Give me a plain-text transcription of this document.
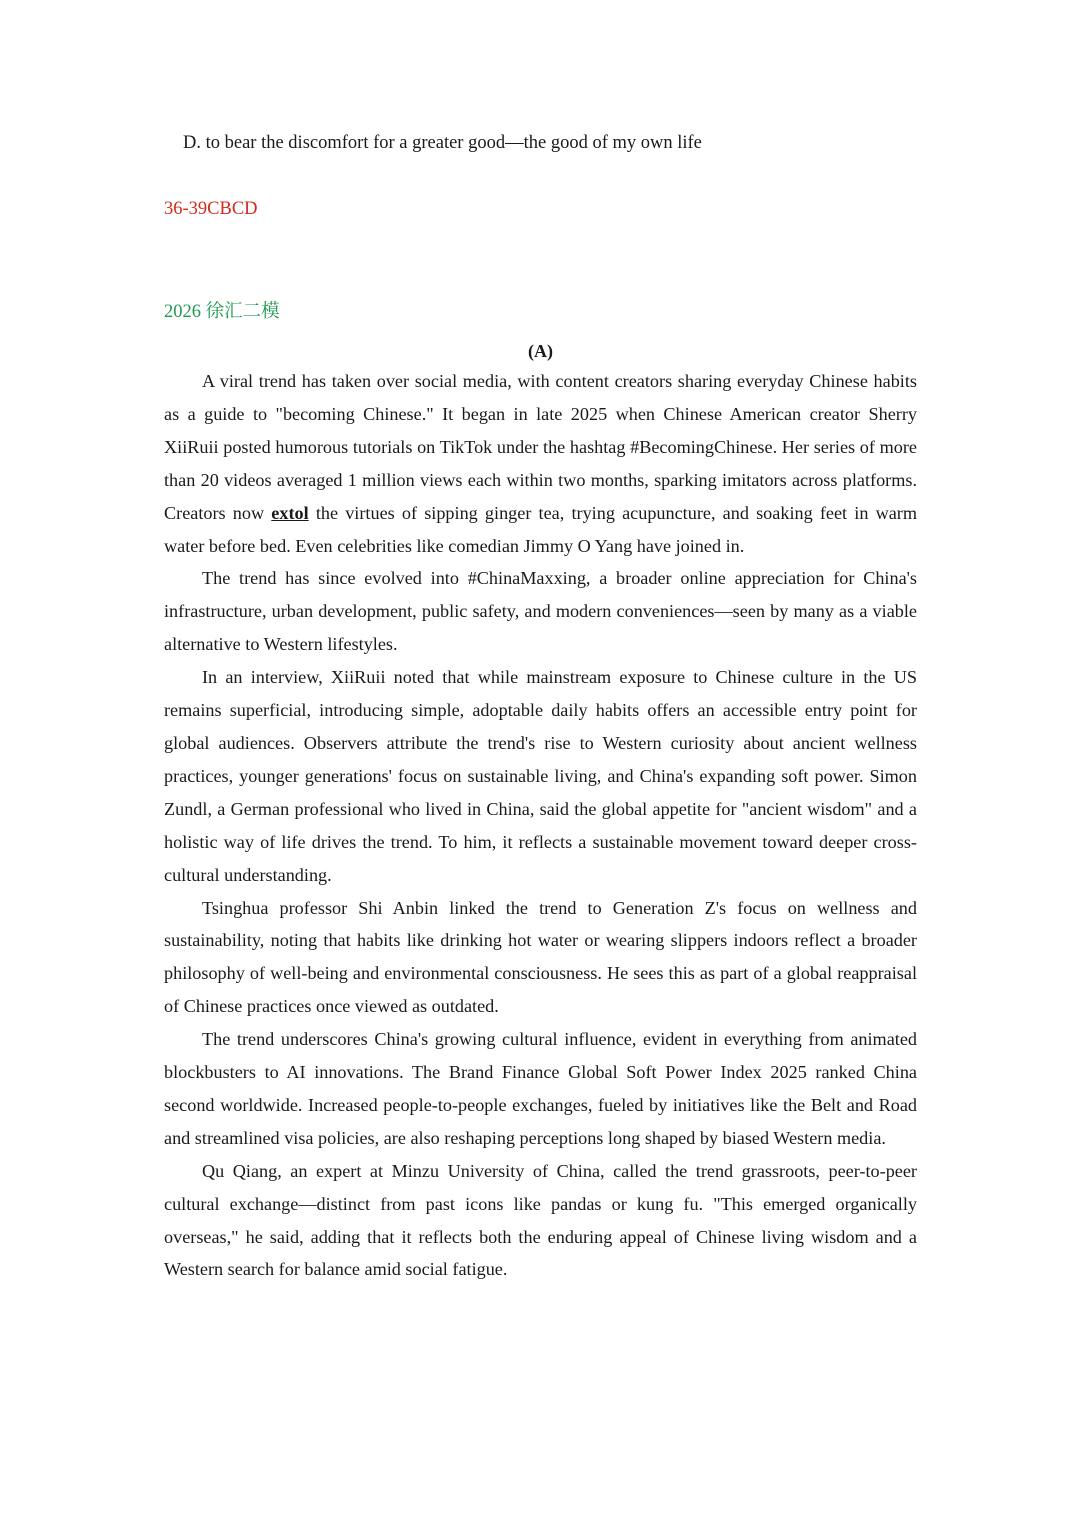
D. to bear the discomfort for a greater good—the good of my own life
36-39CBCD
2026 徐汇二模
(A)

A viral trend has taken over social media, with content creators sharing everyday Chinese habits as a guide to "becoming Chinese." It began in late 2025 when Chinese American creator Sherry XiiRuii posted humorous tutorials on TikTok under the hashtag #BecomingChinese. Her series of more than 20 videos averaged 1 million views each within two months, sparking imitators across platforms. Creators now extol the virtues of sipping ginger tea, trying acupuncture, and soaking feet in warm water before bed. Even celebrities like comedian Jimmy O Yang have joined in.

The trend has since evolved into #ChinaMaxxing, a broader online appreciation for China's infrastructure, urban development, public safety, and modern conveniences—seen by many as a viable alternative to Western lifestyles.

In an interview, XiiRuii noted that while mainstream exposure to Chinese culture in the US remains superficial, introducing simple, adoptable daily habits offers an accessible entry point for global audiences. Observers attribute the trend's rise to Western curiosity about ancient wellness practices, younger generations' focus on sustainable living, and China's expanding soft power. Simon Zundl, a German professional who lived in China, said the global appetite for "ancient wisdom" and a holistic way of life drives the trend. To him, it reflects a sustainable movement toward deeper cross-cultural understanding.

Tsinghua professor Shi Anbin linked the trend to Generation Z's focus on wellness and sustainability, noting that habits like drinking hot water or wearing slippers indoors reflect a broader philosophy of well-being and environmental consciousness. He sees this as part of a global reappraisal of Chinese practices once viewed as outdated.

The trend underscores China's growing cultural influence, evident in everything from animated blockbusters to AI innovations. The Brand Finance Global Soft Power Index 2025 ranked China second worldwide. Increased people-to-people exchanges, fueled by initiatives like the Belt and Road and streamlined visa policies, are also reshaping perceptions long shaped by biased Western media.

Qu Qiang, an expert at Minzu University of China, called the trend grassroots, peer-to-peer cultural exchange—distinct from past icons like pandas or kung fu. "This emerged organically overseas," he said, adding that it reflects both the enduring appeal of Chinese living wisdom and a Western search for balance amid social fatigue.
